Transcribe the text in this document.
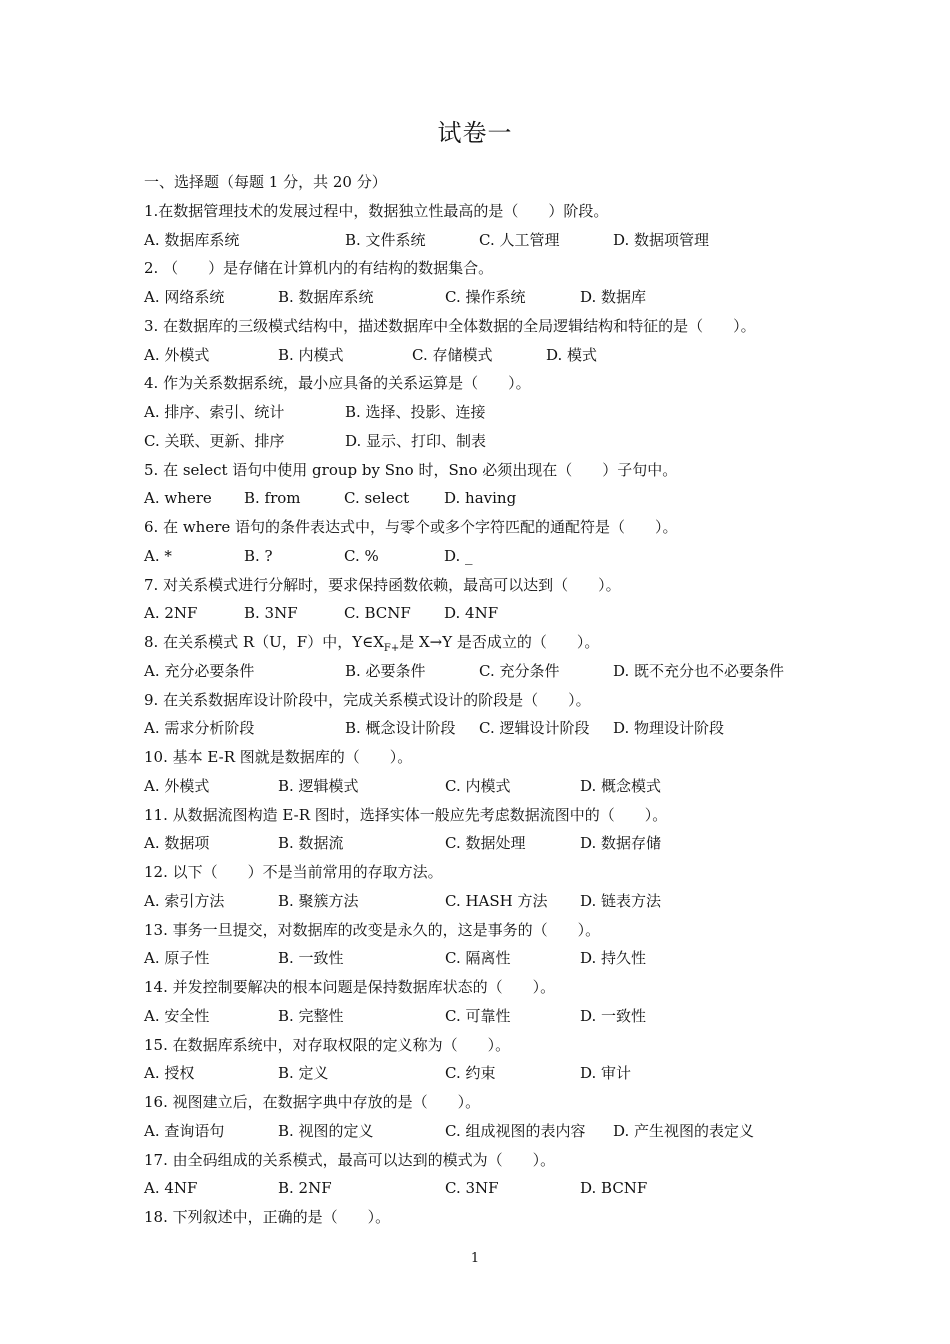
试卷一
一、选择题（每题 1 分，共 20 分）
1.在数据管理技术的发展过程中，数据独立性最高的是（　　）阶段。
A. 数据库系统	B. 文件系统	C. 人工管理	D. 数据项管理
2. （　　）是存储在计算机内的有结构的数据集合。
A. 网络系统	B. 数据库系统	C. 操作系统	D. 数据库
3. 在数据库的三级模式结构中，描述数据库中全体数据的全局逻辑结构和特征的是（　　）。
A. 外模式	B. 内模式	C. 存储模式	D. 模式
4. 作为关系数据系统，最小应具备的关系运算是（　　）。
A. 排序、索引、统计	B. 选择、投影、连接
C. 关联、更新、排序	D. 显示、打印、制表
5. 在 select 语句中使用 group by Sno 时，Sno 必须出现在（　　）子句中。
A. where B. from	C. select D. having
6. 在 where 语句的条件表达式中，与零个或多个字符匹配的通配符是（　　）。
A. *	B. ?	C. %	D. _
7. 对关系模式进行分解时，要求保持函数依赖，最高可以达到（　　）。
A. 2NF	B. 3NF	C. BCNF D. 4NF
8. 在关系模式 R（U，F）中，$Y\in X_{F+}$是 X→Y 是否成立的（　　）。
A. 充分必要条件	B. 必要条件	C. 充分条件	D. 既不充分也不必要条件
9. 在关系数据库设计阶段中，完成关系模式设计的阶段是（　　）。
A. 需求分析阶段	B. 概念设计阶段 C. 逻辑设计阶段 D. 物理设计阶段
10. 基本 E-R 图就是数据库的（　　）。
A. 外模式	B. 逻辑模式	C. 内模式	D. 概念模式
11. 从数据流图构造 E-R 图时，选择实体一般应先考虑数据流图中的（　　）。
A. 数据项	B. 数据流	C. 数据处理	D. 数据存储
12. 以下（　　）不是当前常用的存取方法。
A. 索引方法	B. 聚簇方法	C. HASH 方法 D. 链表方法
13. 事务一旦提交，对数据库的改变是永久的，这是事务的（　　）。
A. 原子性	B. 一致性	C. 隔离性	D. 持久性
14. 并发控制要解决的根本问题是保持数据库状态的（　　）。
A. 安全性	B. 完整性	C. 可靠性	D. 一致性
15. 在数据库系统中，对存取权限的定义称为（　　）。
A. 授权	B. 定义	C. 约束	D. 审计
16. 视图建立后，在数据字典中存放的是（　　）。
A. 查询语句	B. 视图的定义	C. 组成视图的表内容 D. 产生视图的表定义
17. 由全码组成的关系模式，最高可以达到的模式为（　　）。
A. 4NF	B. 2NF	C. 3NF	D. BCNF
18. 下列叙述中，正确的是（　　）。
1
